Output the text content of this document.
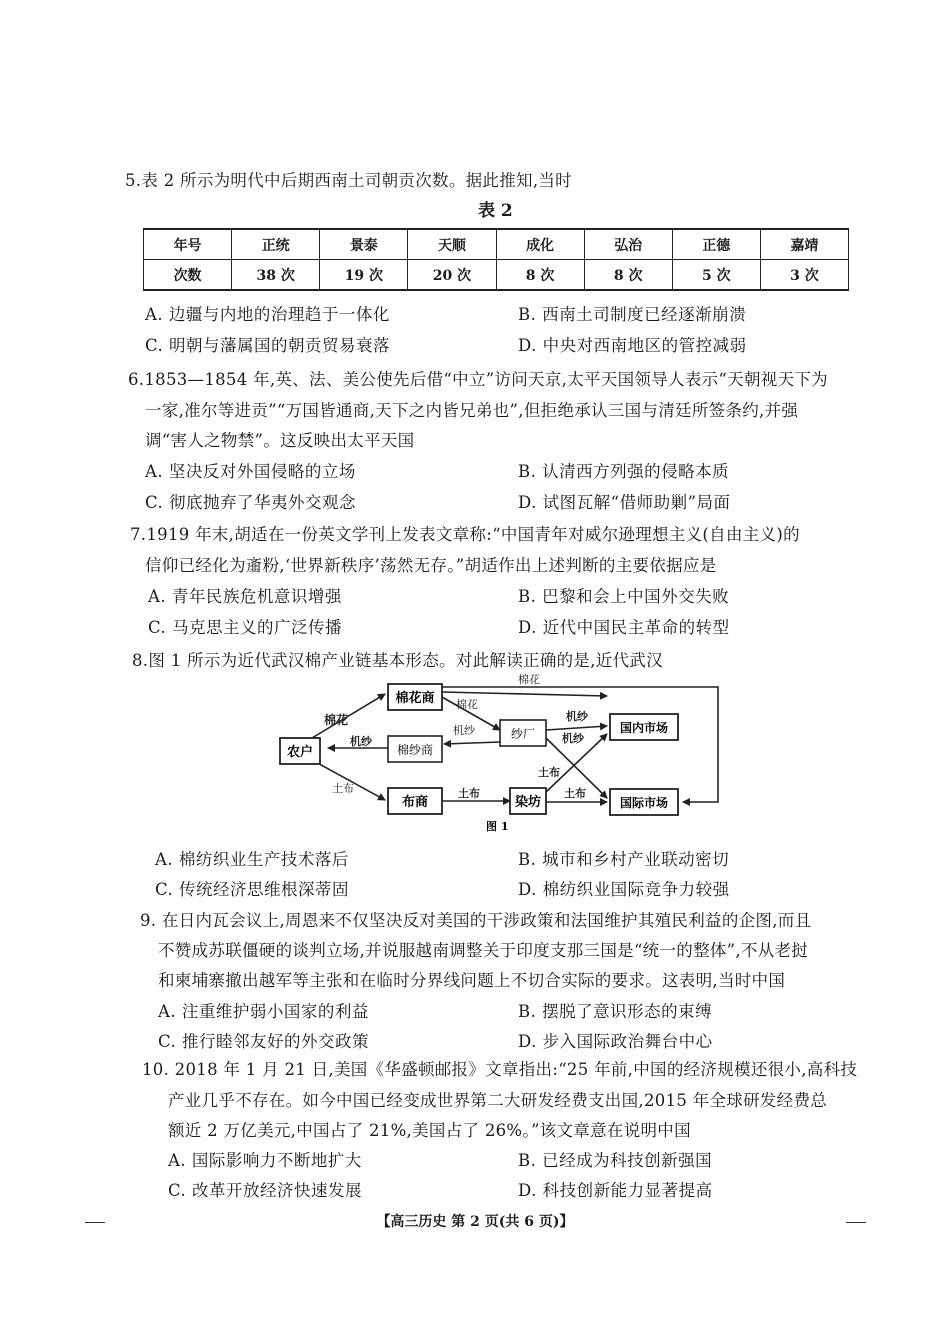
5.表 2 所示为明代中后期西南土司朝贡次数。据此推知,当时
表 2
年号	正统	景泰	天顺	成化	弘治	正德	嘉靖
次数	38 次	19 次	20 次	8 次	8 次	5 次	3 次
A. 边疆与内地的治理趋于一体化	B. 西南土司制度已经逐渐崩溃
C. 明朝与藩属国的朝贡贸易衰落	D. 中央对西南地区的管控减弱
6.1853—1854 年,英、法、美公使先后借“中立”访问天京,太平天国领导人表示“天朝视天下为
一家,准尔等进贡”“万国皆通商,天下之内皆兄弟也”,但拒绝承认三国与清廷所签条约,并强
调“害人之物禁”。这反映出太平天国
A. 坚决反对外国侵略的立场	B. 认清西方列强的侵略本质
C. 彻底抛弃了华夷外交观念	D. 试图瓦解“借师助剿”局面
7.1919 年末,胡适在一份英文学刊上发表文章称:“中国青年对威尔逊理想主义(自由主义)的
信仰已经化为齑粉,‘世界新秩序’荡然无存。”胡适作出上述判断的主要依据应是
A. 青年民族危机意识增强	B. 巴黎和会上中国外交失败
C. 马克思主义的广泛传播	D. 近代中国民主革命的转型
8.图 1 所示为近代武汉棉产业链基本形态。对此解读正确的是,近代武汉
农户
棉花商
棉纱商
布商
纱厂
染坊
国内市场
国际市场
棉花
棉花
棉花
机纱
机纱
机纱
机纱
土布	土布
土布
土布
图 1
A. 棉纺织业生产技术落后	B. 城市和乡村产业联动密切
C. 传统经济思维根深蒂固	D. 棉纺织业国际竞争力较强
9. 在日内瓦会议上,周恩来不仅坚决反对美国的干涉政策和法国维护其殖民利益的企图,而且
不赞成苏联僵硬的谈判立场,并说服越南调整关于印度支那三国是“统一的整体”,不从老挝
和柬埔寨撤出越军等主张和在临时分界线问题上不切合实际的要求。这表明,当时中国
A. 注重维护弱小国家的利益	B. 摆脱了意识形态的束缚
C. 推行睦邻友好的外交政策	D. 步入国际政治舞台中心
10. 2018 年 1 月 21 日,美国《华盛顿邮报》文章指出:“25 年前,中国的经济规模还很小,高科技
产业几乎不存在。如今中国已经变成世界第二大研发经费支出国,2015 年全球研发经费总
额近 2 万亿美元,中国占了 21%,美国占了 26%。”该文章意在说明中国
A. 国际影响力不断地扩大	B. 已经成为科技创新强国
C. 改革开放经济快速发展	D. 科技创新能力显著提高
【高三历史 第 2 页(共 6 页)】
